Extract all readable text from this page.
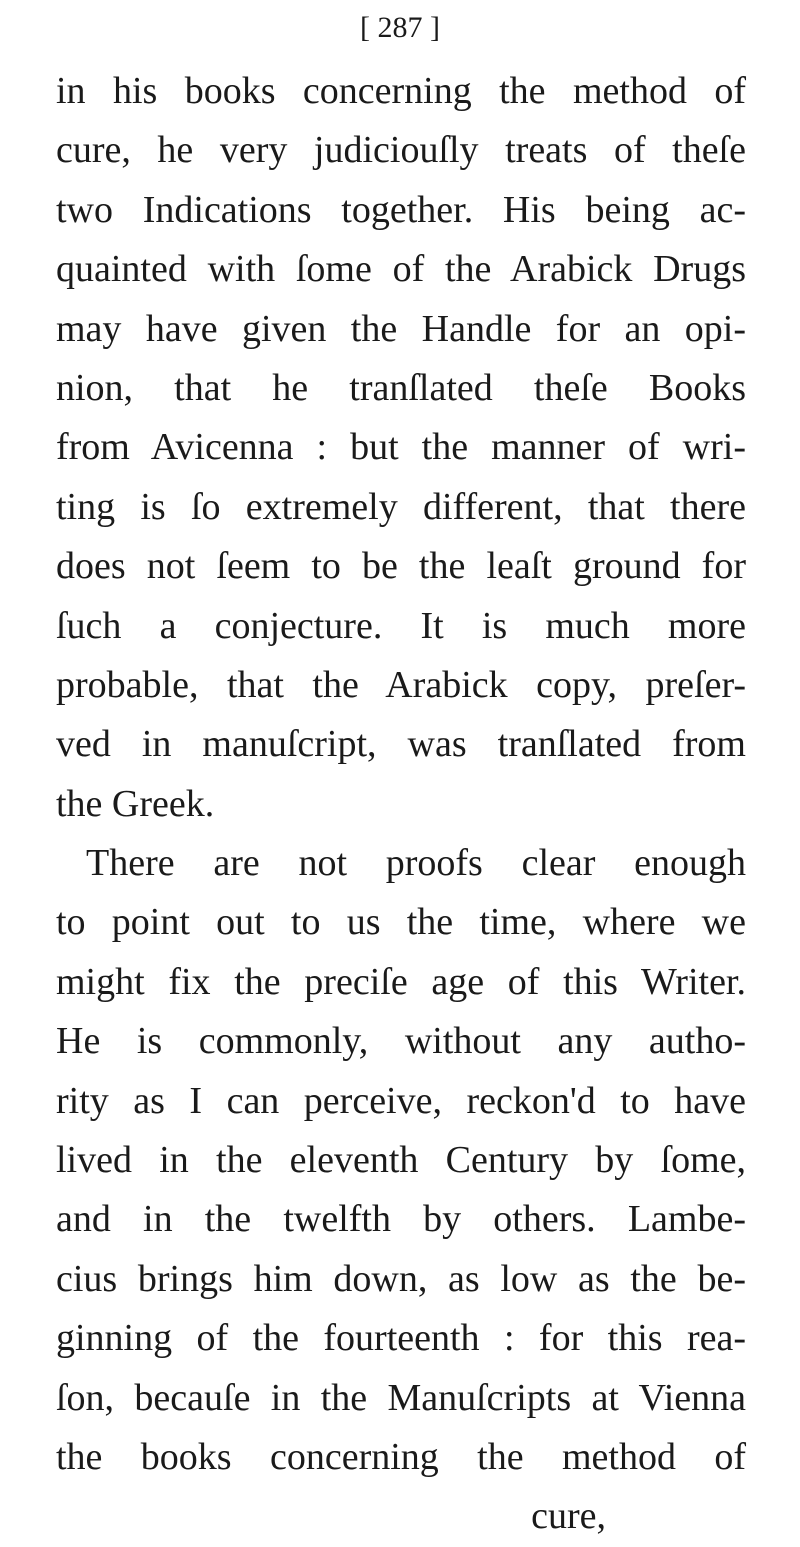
[ 287 ]
in his books concerning the method of
cure, he very judiciouſly treats of theſe
two Indications together. His being ac-
quainted with ſome of the Arabick Drugs
may have given the Handle for an opi-
nion, that he tranſlated theſe Books
from Avicenna : but the manner of wri-
ting is ſo extremely different, that there
does not ſeem to be the leaſt ground for
ſuch a conjecture. It is much more
probable, that the Arabick copy, preſer-
ved in manuſcript, was tranſlated from
the Greek.
There are not proofs clear enough
to point out to us the time, where we
might fix the preciſe age of this Writer.
He is commonly, without any autho-
rity as I can perceive, reckon'd to have
lived in the eleventh Century by ſome,
and in the twelfth by others. Lambe-
cius brings him down, as low as the be-
ginning of the fourteenth : for this rea-
ſon, becauſe in the Manuſcripts at Vienna
the books concerning the method of
cure,
